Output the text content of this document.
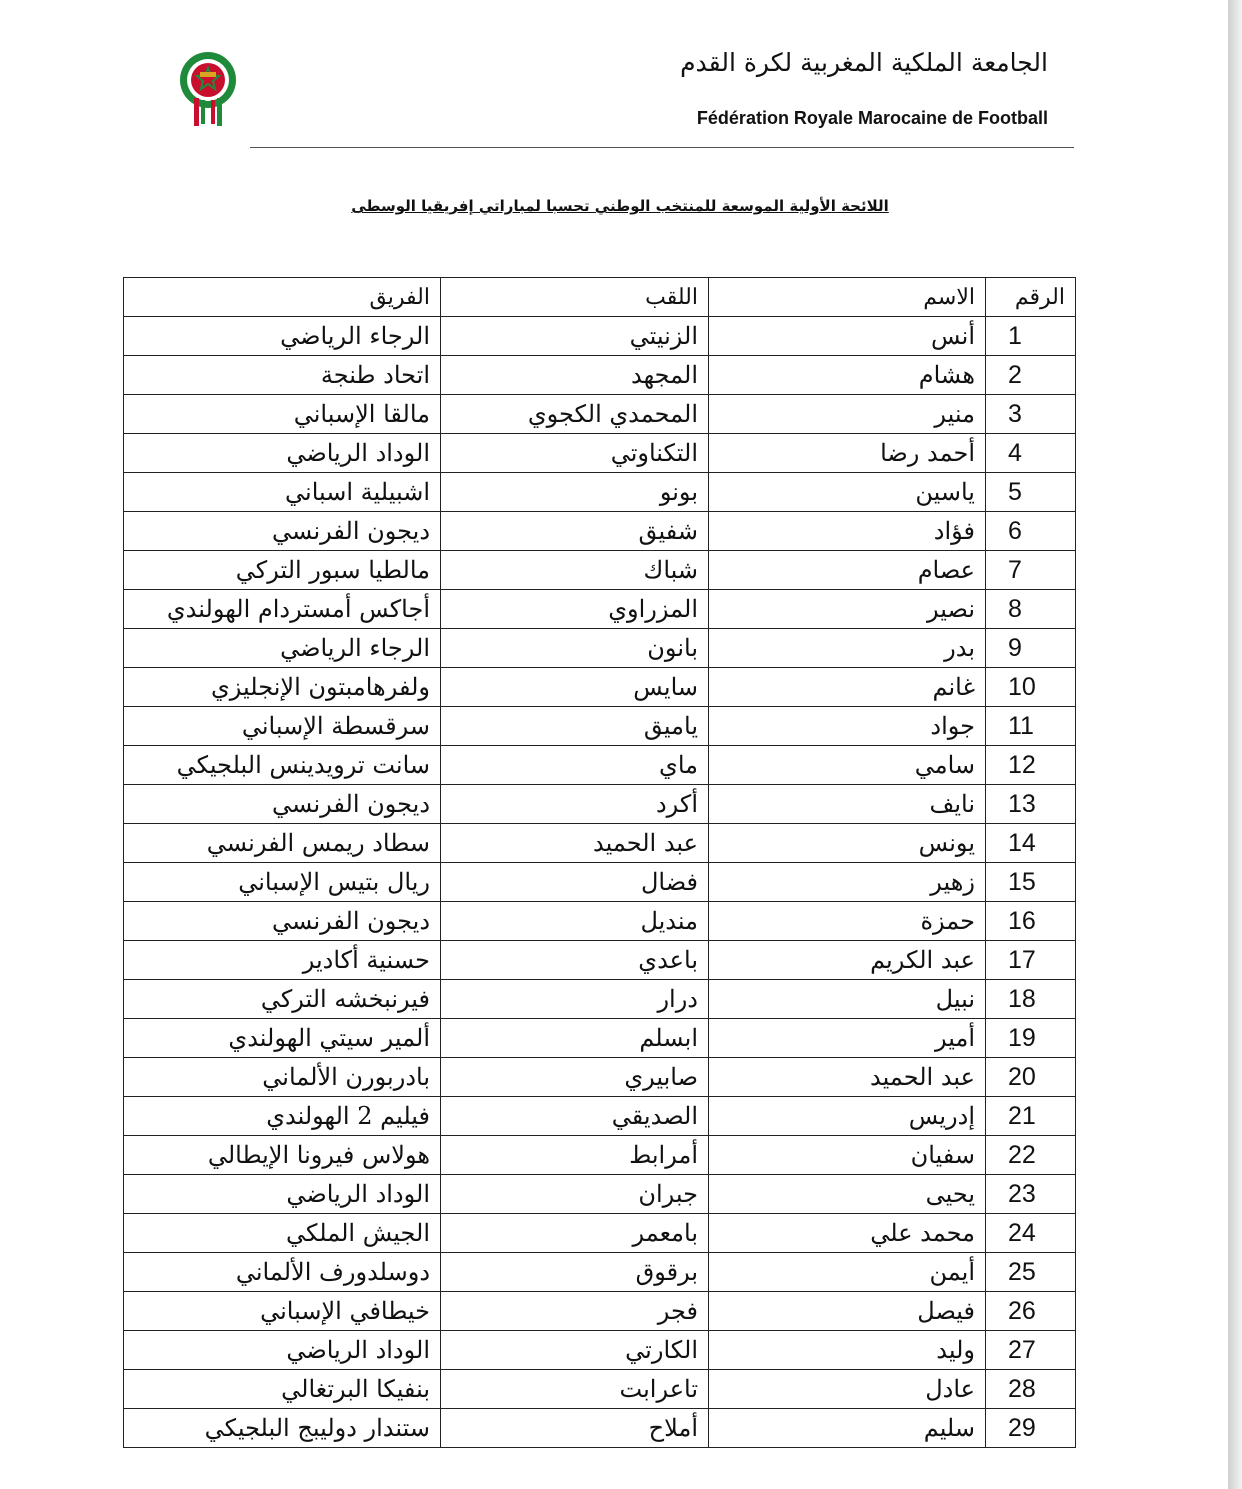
الجامعة الملكية المغربية لكرة القدم
Fédération Royale Marocaine de Football
اللائحة الأولية الموسعة للمنتخب الوطني تحسبا لمباراتي إفريقيا الوسطى
الرقم	الاسم	اللقب	الفريق
1	أنس	الزنيتي	الرجاء الرياضي
2	هشام	المجهد	اتحاد طنجة
3	منير	المحمدي الكجوي	مالقا الإسباني
4	أحمد رضا	التكناوتي	الوداد الرياضي
5	ياسين	بونو	اشبيلية اسباني
6	فؤاد	شفيق	ديجون الفرنسي
7	عصام	شباك	مالطيا سبور التركي
8	نصير	المزراوي	أجاكس أمستردام الهولندي
9	بدر	بانون	الرجاء الرياضي
10	غانم	سايس	ولفرهامبتون الإنجليزي
11	جواد	ياميق	سرقسطة الإسباني
12	سامي	ماي	سانت ترويدينس البلجيكي
13	نايف	أكرد	ديجون الفرنسي
14	يونس	عبد الحميد	سطاد ريمس الفرنسي
15	زهير	فضال	ريال بتيس الإسباني
16	حمزة	منديل	ديجون الفرنسي
17	عبد الكريم	باعدي	حسنية أكادير
18	نبيل	درار	فيرنبخشه التركي
19	أمير	ابسلم	ألمير سيتي الهولندي
20	عبد الحميد	صابيري	بادربورن الألماني
21	إدريس	الصديقي	فيليم 2 الهولندي
22	سفيان	أمرابط	هولاس فيرونا الإيطالي
23	يحيى	جبران	الوداد الرياضي
24	محمد علي	بامعمر	الجيش الملكي
25	أيمن	برقوق	دوسلدورف الألماني
26	فيصل	فجر	خيطافي الإسباني
27	وليد	الكارتي	الوداد الرياضي
28	عادل	تاعرابت	بنفيكا البرتغالي
29	سليم	أملاح	ستندار دوليبج البلجيكي
